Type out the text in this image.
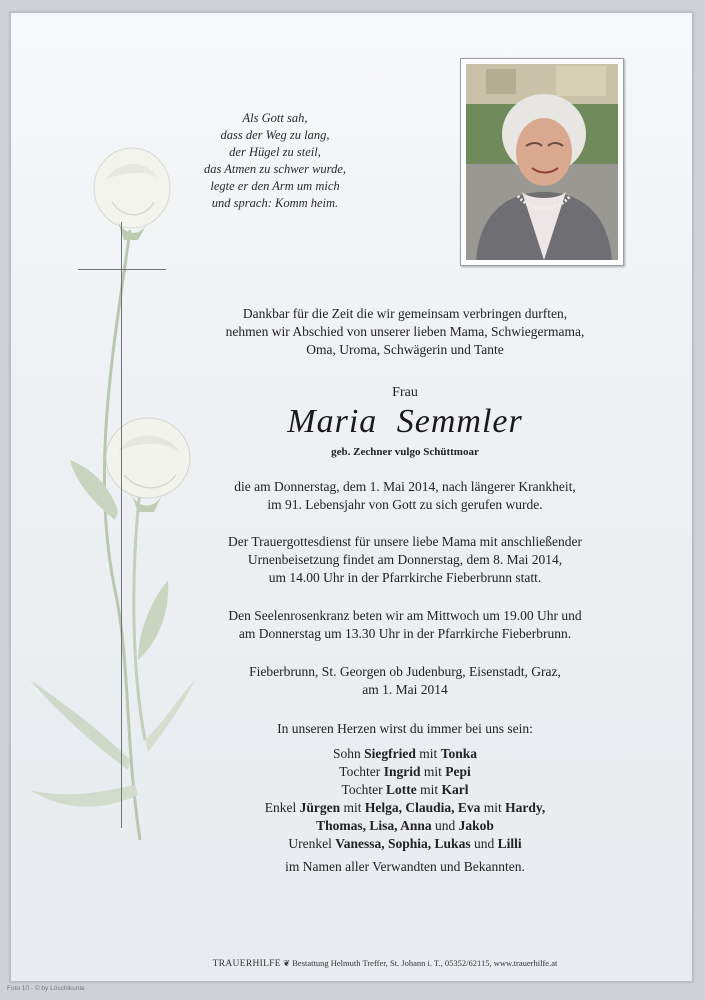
Als Gott sah,
dass der Weg zu lang,
der Hügel zu steil,
das Atmen zu schwer wurde,
legte er den Arm um mich
und sprach: Komm heim.
Dankbar für die Zeit die wir gemeinsam verbringen durften,
nehmen wir Abschied von unserer lieben Mama, Schwiegermama,
Oma, Uroma, Schwägerin und Tante
Frau
Maria Semmler
geb. Zechner vulgo Schüttmoar
die am Donnerstag, dem 1. Mai 2014, nach längerer Krankheit,
im 91. Lebensjahr von Gott zu sich gerufen wurde.
Der Trauergottesdienst für unsere liebe Mama mit anschließender
Urnenbeisetzung findet am Donnerstag, dem 8. Mai 2014,
um 14.00 Uhr in der Pfarrkirche Fieberbrunn statt.
Den Seelenrosenkranz beten wir am Mittwoch um 19.00 Uhr und
am Donnerstag um 13.30 Uhr in der Pfarrkirche Fieberbrunn.
Fieberbrunn, St. Georgen ob Judenburg, Eisenstadt, Graz,
am 1. Mai 2014
In unseren Herzen wirst du immer bei uns sein:
Sohn Siegfried mit Tonka
Tochter Ingrid mit Pepi
Tochter Lotte mit Karl
Enkel Jürgen mit Helga, Claudia, Eva mit Hardy,
Thomas, Lisa, Anna und Jakob
Urenkel Vanessa, Sophia, Lukas und Lilli
im Namen aller Verwandten und Bekannten.
TRAUERHILFE ❦ Bestattung Helmuth Treffer, St. Johann i. T., 05352/62115, www.trauerhilfe.at
Foto 10 - © by Löschikunte
